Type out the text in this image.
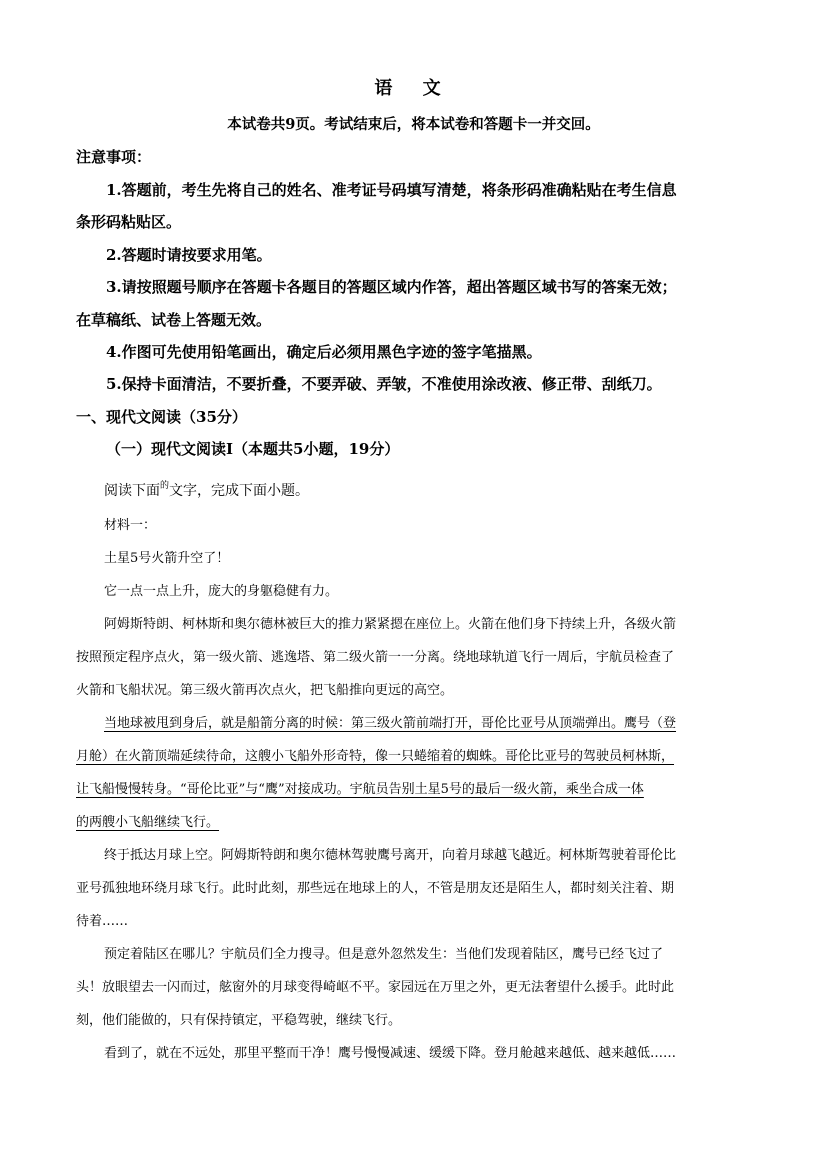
语 文
本试卷共9页。考试结束后，将本试卷和答题卡一并交回。
注意事项：
1.答题前，考生先将自己的姓名、准考证号码填写清楚，将条形码准确粘贴在考生信息
条形码粘贴区。
2.答题时请按要求用笔。
3.请按照题号顺序在答题卡各题目的答题区域内作答，超出答题区域书写的答案无效；
在草稿纸、试卷上答题无效。
4.作图可先使用铅笔画出，确定后必须用黑色字迹的签字笔描黑。
5.保持卡面清洁，不要折叠，不要弄破、弄皱，不准使用涂改液、修正带、刮纸刀。
一、现代文阅读（35分）
（一）现代文阅读Ⅰ（本题共5小题，19分）
阅读下面$^的$文字，完成下面小题。
材料一：
土星5号火箭升空了！
它一点一点上升，庞大的身躯稳健有力。
阿姆斯特朗、柯林斯和奥尔德林被巨大的推力紧紧摁在座位上。火箭在他们身下持续上升，各级火箭
按照预定程序点火，第一级火箭、逃逸塔、第二级火箭一一分离。绕地球轨道飞行一周后，宇航员检查了
火箭和飞船状况。第三级火箭再次点火，把飞船推向更远的高空。
当地球被甩到身后，就是船箭分离的时候：第三级火箭前端打开，哥伦比亚号从顶端弹出。鹰号（登
月舱）在火箭顶端延续待命，这艘小飞船外形奇特，像一只蜷缩着的蜘蛛。哥伦比亚号的驾驶员柯林斯，
让飞船慢慢转身。“哥伦比亚”与“鹰”对接成功。宇航员告别土星5号的最后一级火箭，乘坐合成一体
的两艘小飞船继续飞行。
终于抵达月球上空。阿姆斯特朗和奥尔德林驾驶鹰号离开，向着月球越飞越近。柯林斯驾驶着哥伦比
亚号孤独地环绕月球飞行。此时此刻，那些远在地球上的人，不管是朋友还是陌生人，都时刻关注着、期
待着……
预定着陆区在哪儿？宇航员们全力搜寻。但是意外忽然发生：当他们发现着陆区，鹰号已经飞过了
头！放眼望去一闪而过，舷窗外的月球变得崎岖不平。家园远在万里之外，更无法奢望什么援手。此时此
刻，他们能做的，只有保持镇定，平稳驾驶，继续飞行。
看到了，就在不远处，那里平整而干净！鹰号慢慢减速、缓缓下降。登月舱越来越低、越来越低……
